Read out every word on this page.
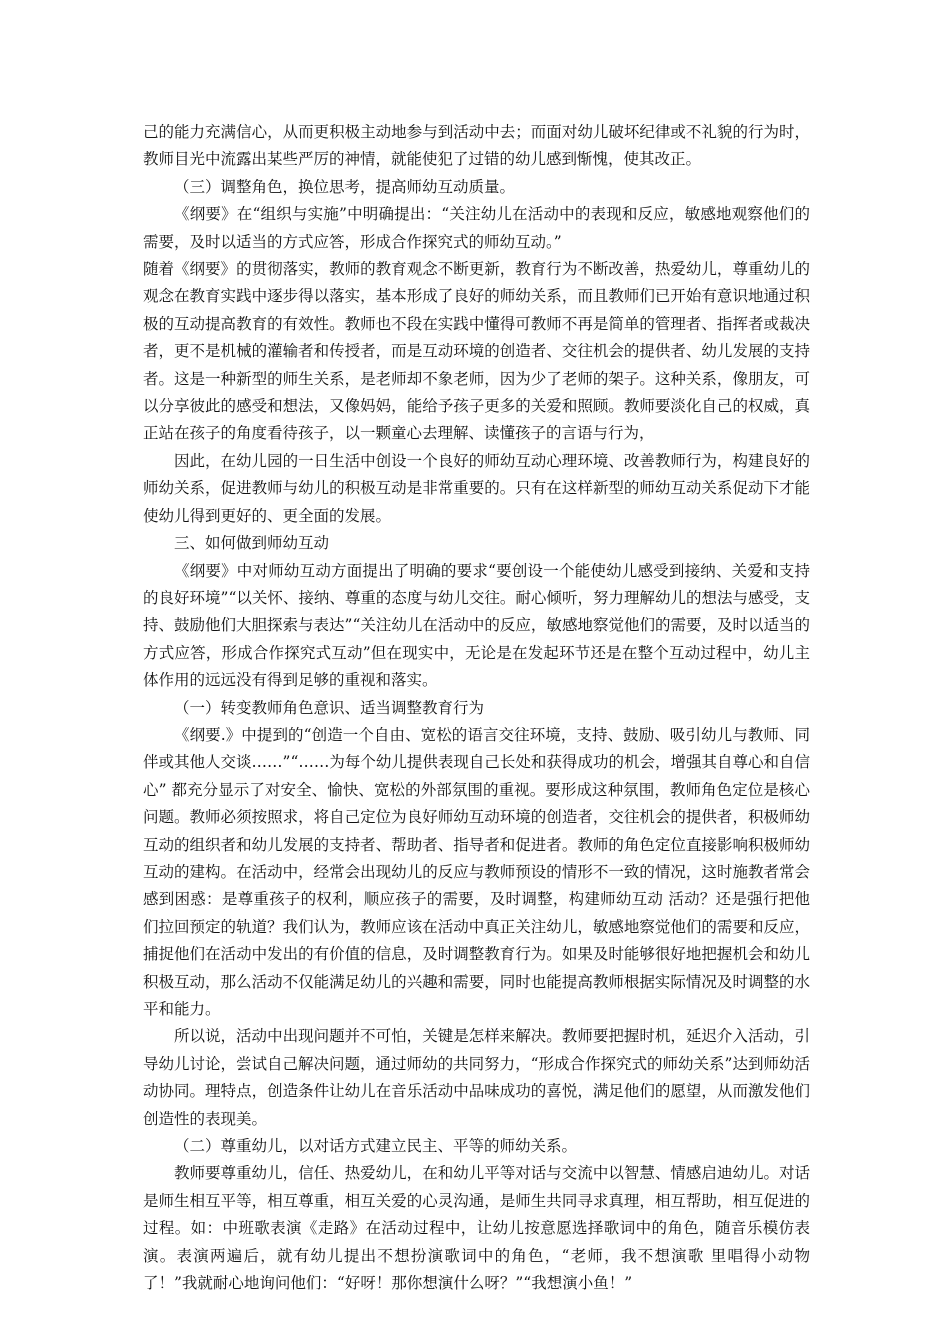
己的能力充满信心，从而更积极主动地参与到活动中去；而面对幼儿破坏纪律或不礼貌的行为时，教师目光中流露出某些严厉的神情，就能使犯了过错的幼儿感到惭愧，使其改正。

（三）调整角色，换位思考，提高师幼互动质量。

《纲要》在“组织与实施”中明确提出：“关注幼儿在活动中的表现和反应，敏感地观察他们的需要，及时以适当的方式应答，形成合作探究式的师幼互动。”

随着《纲要》的贯彻落实，教师的教育观念不断更新，教育行为不断改善，热爱幼儿，尊重幼儿的观念在教育实践中逐步得以落实，基本形成了良好的师幼关系，而且教师们已开始有意识地通过积极的互动提高教育的有效性。教师也不段在实践中懂得可教师不再是简单的管理者、指挥者或裁决者，更不是机械的灌输者和传授者，而是互动环境的创造者、交往机会的提供者、幼儿发展的支持者。这是一种新型的师生关系，是老师却不象老师，因为少了老师的架子。这种关系，像朋友，可以分享彼此的感受和想法，又像妈妈，能给予孩子更多的关爱和照顾。教师要淡化自己的权威，真正站在孩子的角度看待孩子，以一颗童心去理解、读懂孩子的言语与行为，

因此，在幼儿园的一日生活中创设一个良好的师幼互动心理环境、改善教师行为，构建良好的师幼关系，促进教师与幼儿的积极互动是非常重要的。只有在这样新型的师幼互动关系促动下才能使幼儿得到更好的、更全面的发展。

三、如何做到师幼互动

《纲要》中对师幼互动方面提出了明确的要求“要创设一个能使幼儿感受到接纳、关爱和支持的良好环境”“以关怀、接纳、尊重的态度与幼儿交往。耐心倾听，努力理解幼儿的想法与感受，支持、鼓励他们大胆探索与表达”“关注幼儿在活动中的反应，敏感地察觉他们的需要，及时以适当的方式应答，形成合作探究式互动”但在现实中，无论是在发起环节还是在整个互动过程中，幼儿主体作用的远远没有得到足够的重视和落实。

（一）转变教师角色意识、适当调整教育行为

《纲要.》中提到的“创造一个自由、宽松的语言交往环境，支持、鼓励、吸引幼儿与教师、同伴或其他人交谈……”“……为每个幼儿提供表现自己长处和获得成功的机会，增强其自尊心和自信心” 都充分显示了对安全、愉快、宽松的外部氛围的重视。要形成这种氛围，教师角色定位是核心问题。教师必须按照求，将自己定位为良好师幼互动环境的创造者，交往机会的提供者，积极师幼互动的组织者和幼儿发展的支持者、帮助者、指导者和促进者。教师的角色定位直接影响积极师幼互动的建构。在活动中，经常会出现幼儿的反应与教师预设的情形不一致的情况，这时施教者常会感到困惑：是尊重孩子的权利，顺应孩子的需要，及时调整，构建师幼互动 活动？还是强行把他们拉回预定的轨道？我们认为，教师应该在活动中真正关注幼儿，敏感地察觉他们的需要和反应，捕捉他们在活动中发出的有价值的信息，及时调整教育行为。如果及时能够很好地把握机会和幼儿积极互动，那么活动不仅能满足幼儿的兴趣和需要，同时也能提高教师根据实际情况及时调整的水平和能力。

所以说，活动中出现问题并不可怕，关键是怎样来解决。教师要把握时机，延迟介入活动，引导幼儿讨论，尝试自己解决问题，通过师幼的共同努力，“形成合作探究式的师幼关系”达到师幼活动协同。理特点，创造条件让幼儿在音乐活动中品味成功的喜悦，满足他们的愿望，从而激发他们创造性的表现美。

（二）尊重幼儿，以对话方式建立民主、平等的师幼关系。

教师要尊重幼儿，信任、热爱幼儿，在和幼儿平等对话与交流中以智慧、情感启迪幼儿。对话是师生相互平等，相互尊重，相互关爱的心灵沟通，是师生共同寻求真理，相互帮助，相互促进的过程。如：中班歌表演《走路》在活动过程中，让幼儿按意愿选择歌词中的角色，随音乐模仿表演。表演两遍后，就有幼儿提出不想扮演歌词中的角色，“老师，我不想演歌 里唱得小动物了！”我就耐心地询问他们：“好呀！那你想演什么呀？”“我想演小鱼！”
